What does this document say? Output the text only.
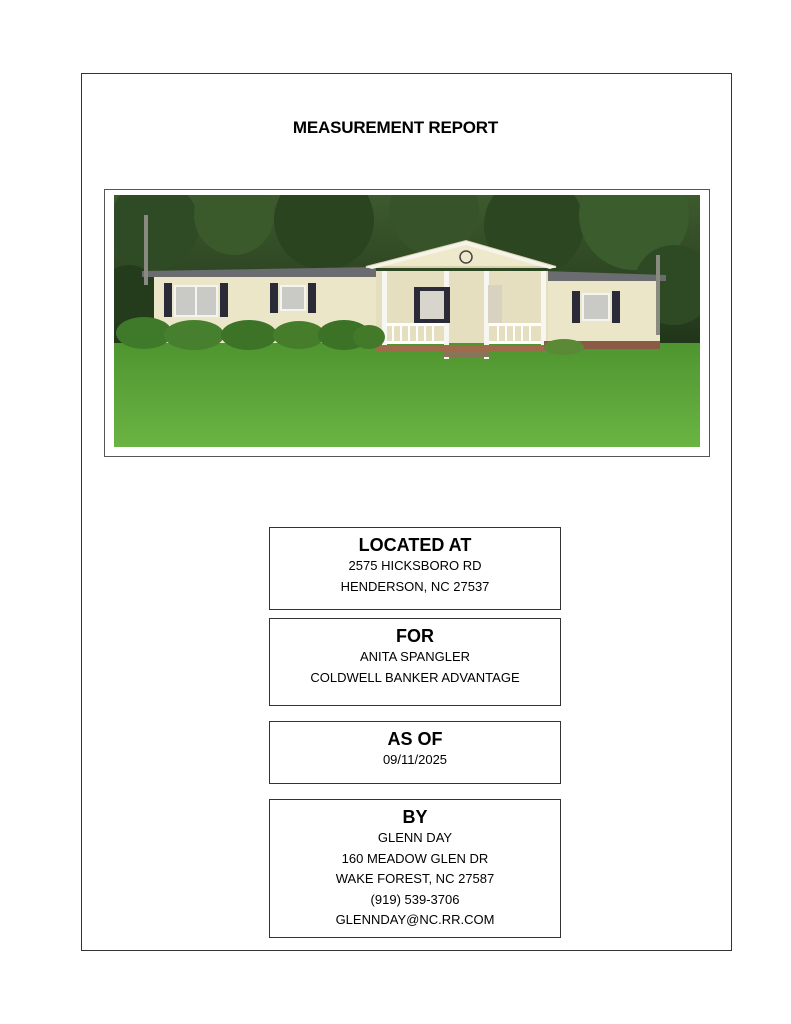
MEASUREMENT REPORT
LOCATED AT
2575 HICKSBORO RD
HENDERSON, NC 27537
FOR
ANITA SPANGLER
COLDWELL BANKER ADVANTAGE
AS OF
09/11/2025
BY
GLENN DAY
160 MEADOW GLEN DR
WAKE FOREST, NC 27587
(919) 539-3706
GLENNDAY@NC.RR.COM
